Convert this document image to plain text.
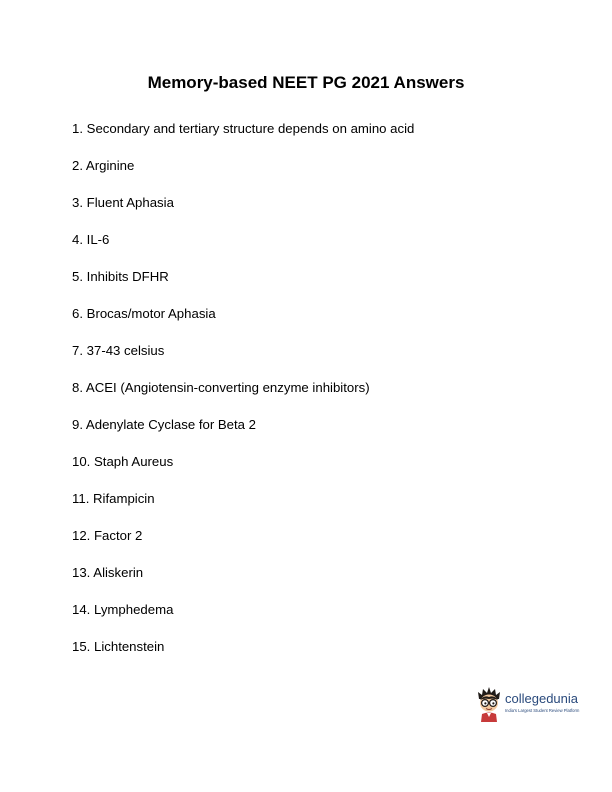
Memory-based NEET PG 2021 Answers
1. Secondary and tertiary structure depends on amino acid
2. Arginine
3. Fluent Aphasia
4. IL-6
5. Inhibits DFHR
6. Brocas/motor Aphasia
7. 37-43 celsius
8. ACEI (Angiotensin-converting enzyme inhibitors)
9. Adenylate Cyclase for Beta 2
10. Staph Aureus
11. Rifampicin
12. Factor 2
13. Aliskerin
14. Lymphedema
15. Lichtenstein
collegedunia
India's Largest Student Review Platform
